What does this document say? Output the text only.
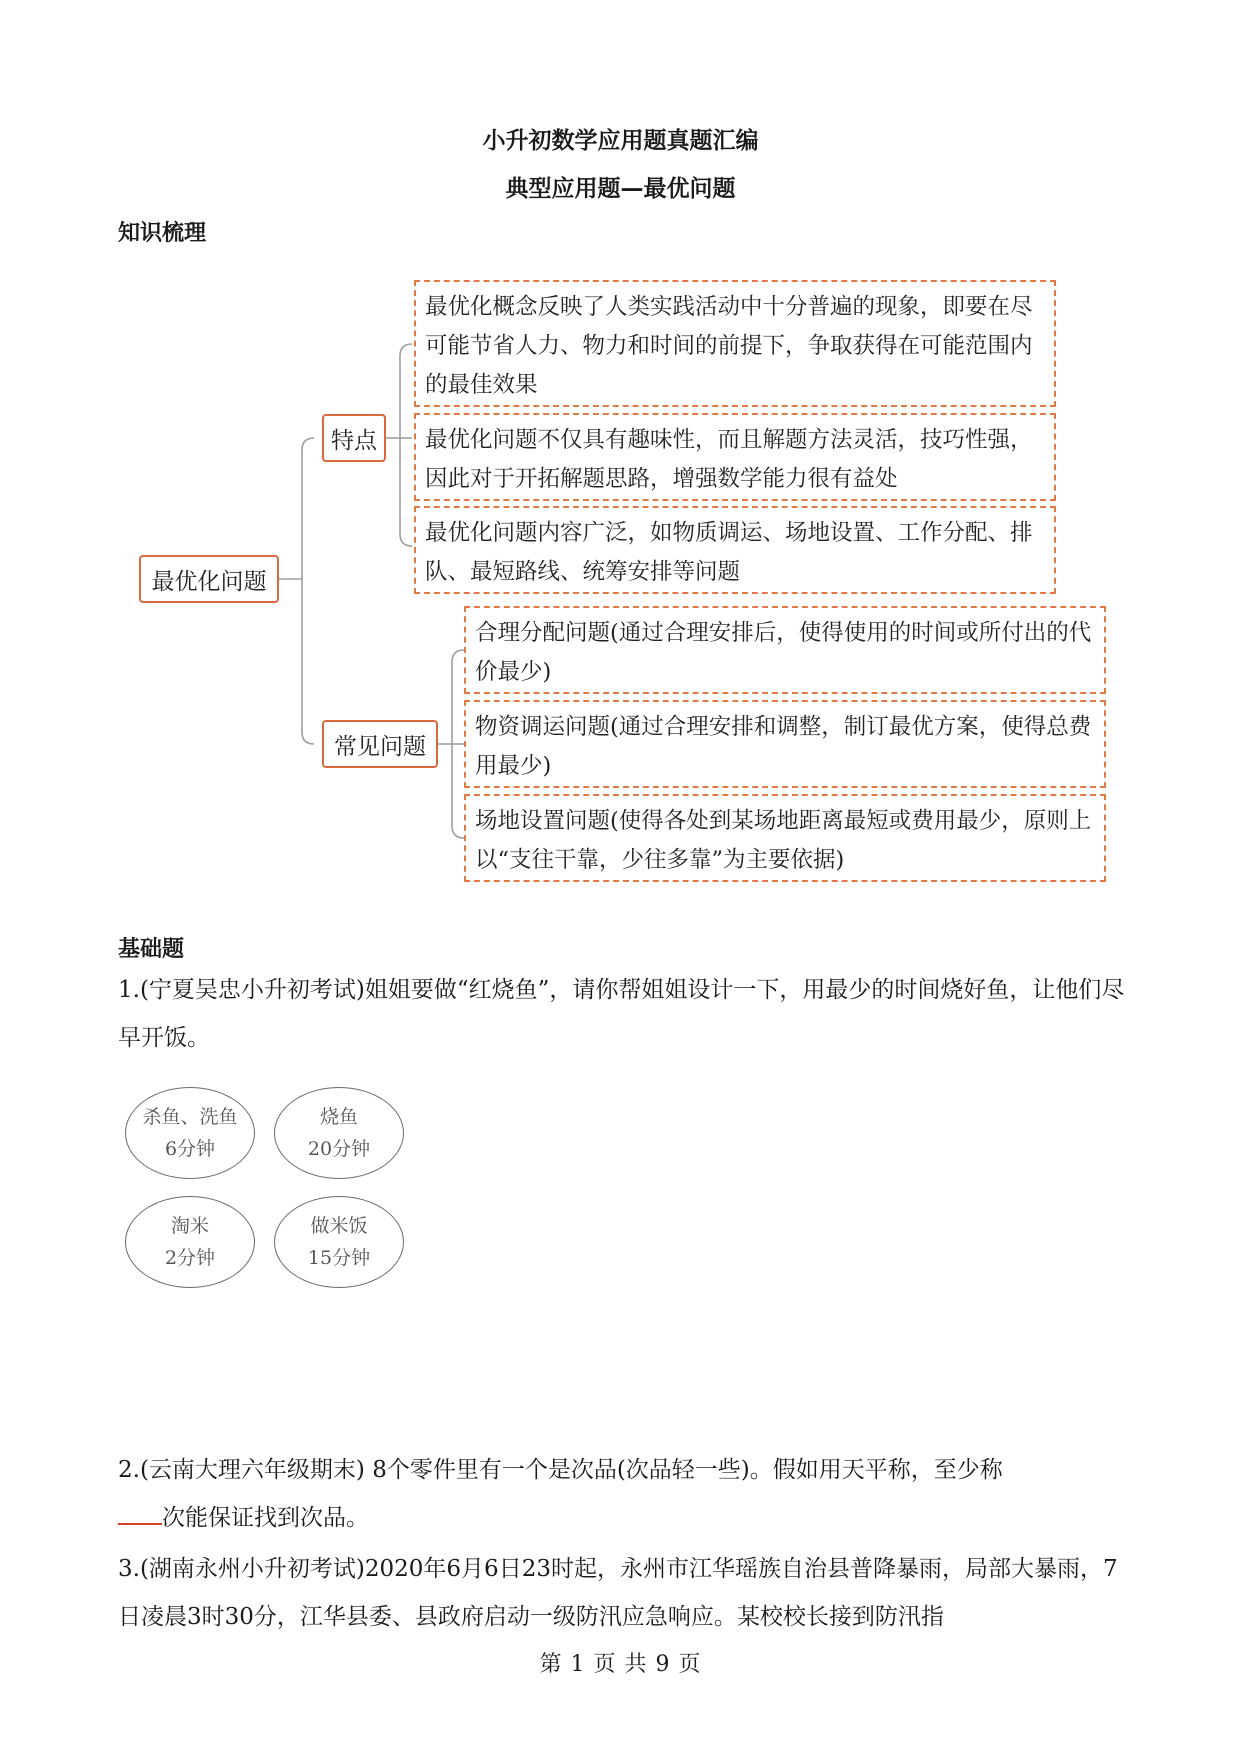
小升初数学应用题真题汇编
典型应用题—最优问题
知识梳理
最优化问题
特点
常见问题
最优化概念反映了人类实践活动中十分普遍的现象，即要在尽可能节省人力、物力和时间的前提下，争取获得在可能范围内的最佳效果
最优化问题不仅具有趣味性，而且解题方法灵活，技巧性强，因此对于开拓解题思路，增强数学能力很有益处
最优化问题内容广泛，如物质调运、场地设置、工作分配、排队、最短路线、统筹安排等问题
合理分配问题(通过合理安排后，使得使用的时间或所付出的代价最少)
物资调运问题(通过合理安排和调整，制订最优方案，使得总费用最少)
场地设置问题(使得各处到某场地距离最短或费用最少，原则上以“支往干靠，少往多靠”为主要依据)
基础题

1.(宁夏吴忠小升初考试)姐姐要做“红烧鱼”，请你帮姐姐设计一下，用最少的时间烧好鱼，让他们尽早开饭。

杀鱼、洗鱼
6分钟
烧鱼
20分钟
淘米
2分钟
做米饭
15分钟

2.(云南大理六年级期末) 8个零件里有一个是次品(次品轻一些)。假如用天平称，至少称
次能保证找到次品。

3.(湖南永州小升初考试)2020年6月6日23时起，永州市江华瑶族自治县普降暴雨，局部大暴雨，7日凌晨3时30分，江华县委、县政府启动一级防汛应急响应。某校校长接到防汛指

第 1 页 共 9 页
